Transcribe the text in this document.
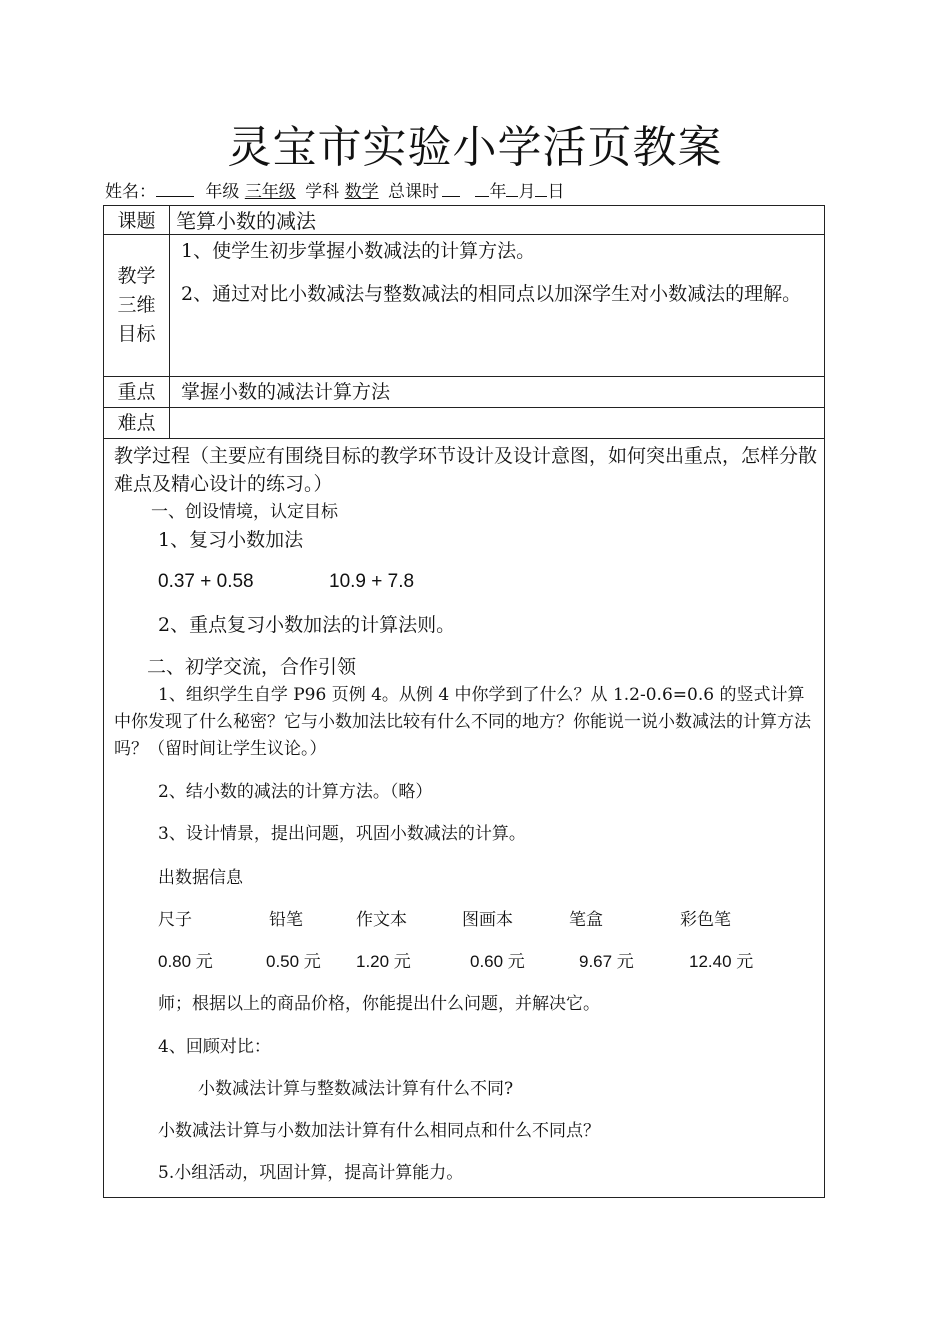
灵宝市实验小学活页教案
姓名：	年级 三年级 学科 数学 总课时	年 月 日
课题	笔算小数的减法
教学
三维
目标
1、使学生初步掌握小数减法的计算方法。
2、通过对比小数减法与整数减法的相同点以加深学生对小数减法的理解。
重点	掌握小数的减法计算方法
难点
教学过程（主要应有围绕目标的教学环节设计及设计意图，如何突出重点，怎样分散难点及精心设计的练习。）
一、创设情境，认定目标
1、复习小数加法
0.37 + 0.58	10.9 + 7.8
2、重点复习小数加法的计算法则。
二、初学交流，合作引领
1、组织学生自学 P96 页例 4。从例 4 中你学到了什么？从 1.2-0.6=0.6 的竖式计算中你发现了什么秘密？它与小数加法比较有什么不同的地方？你能说一说小数减法的计算方法吗？（留时间让学生议论。）
2、结小数的减法的计算方法。（略）
3、设计情景，提出问题，巩固小数减法的计算。
出数据信息
尺子	铅笔	作文本	图画本	笔盒	彩色笔
0.80 元	0.50 元 1.20 元	0.60 元	9.67 元	12.40 元
师；根据以上的商品价格，你能提出什么问题，并解决它。
4、回顾对比：
小数减法计算与整数减法计算有什么不同?
小数减法计算与小数加法计算有什么相同点和什么不同点？
5.小组活动，巩固计算，提高计算能力。
